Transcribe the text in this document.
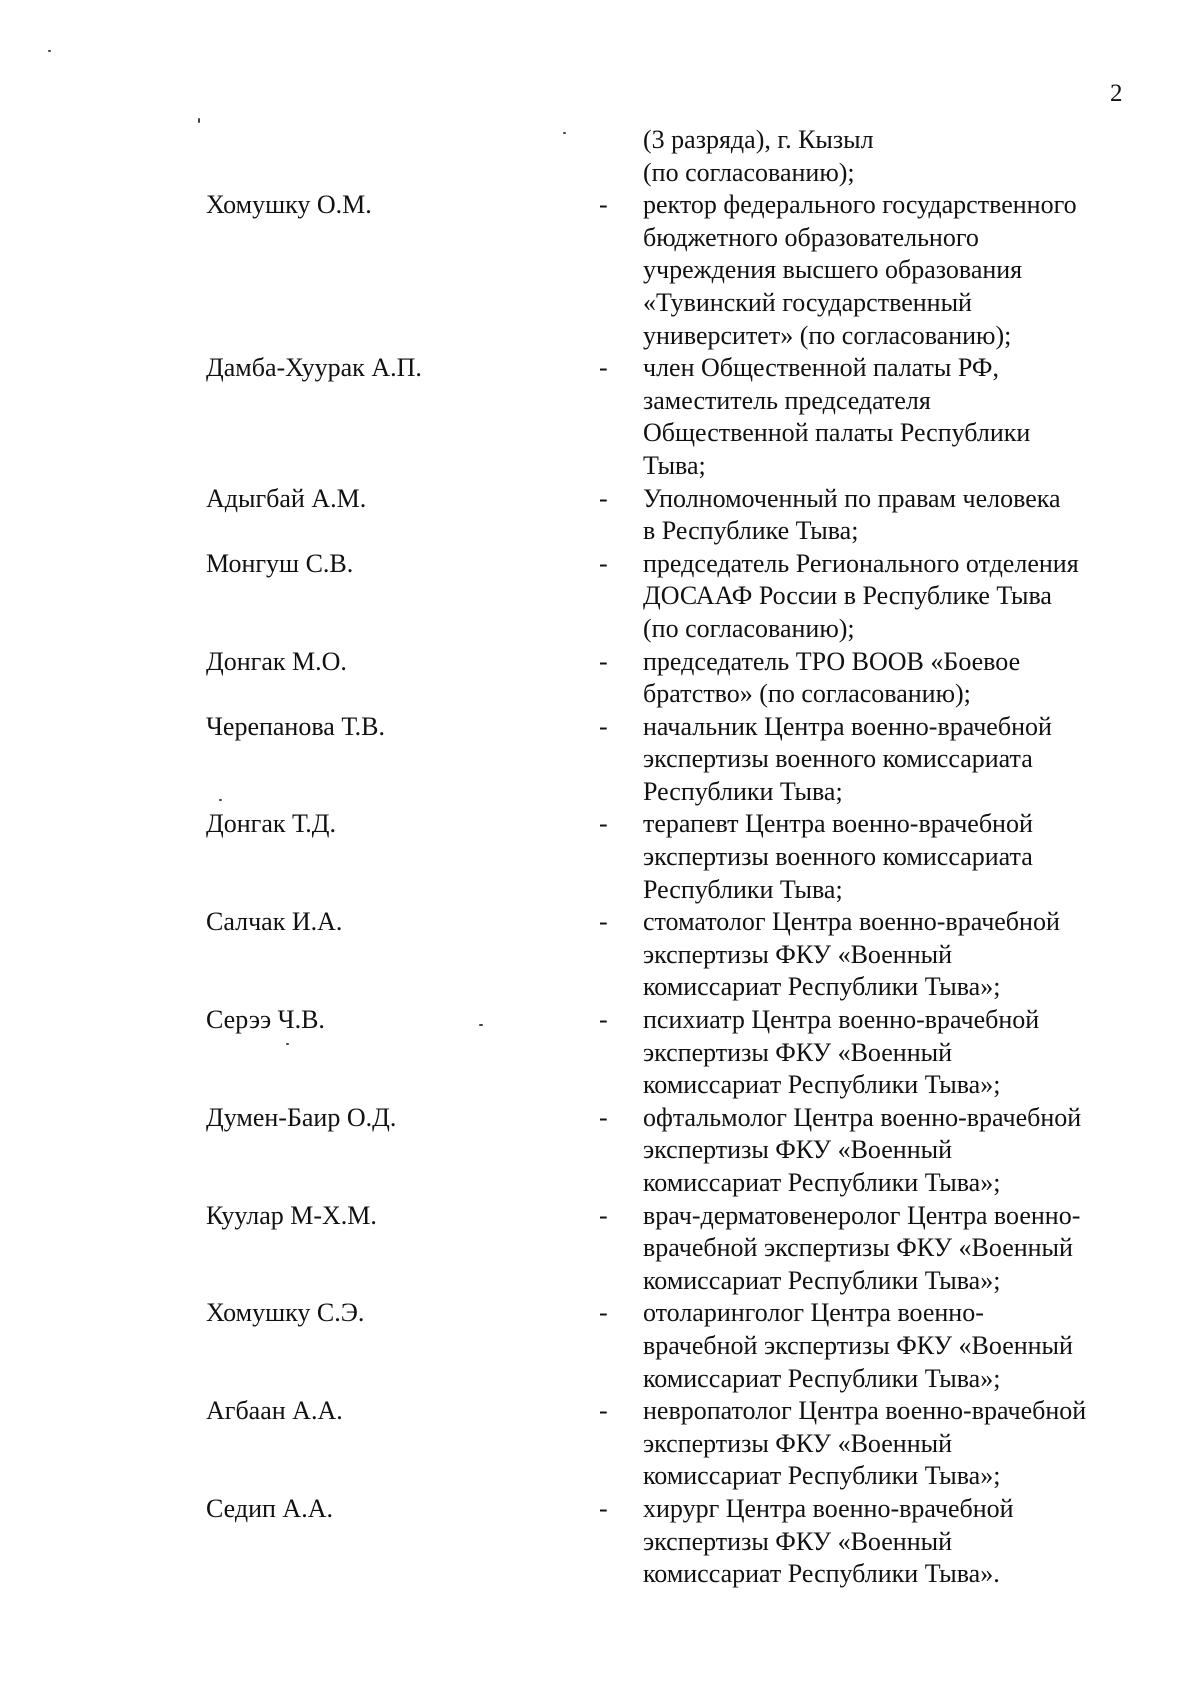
2
(3 разряда), г. Кызыл
(по согласованию);
Хомушку О.М.	- ректор федерального государственного
бюджетного образовательного
учреждения высшего образования
«Тувинский государственный
университет» (по согласованию);
Дамба-Хуурак А.П.	- член Общественной палаты РФ,
заместитель председателя
Общественной палаты Республики
Тыва;
Адыгбай А.М.	- Уполномоченный по правам человека
в Республике Тыва;
Монгуш С.В.	- председатель Регионального отделения
ДОСААФ России в Республике Тыва
(по согласованию);
Донгак М.О.	- председатель ТРО ВООВ «Боевое
братство» (по согласованию);
Черепанова Т.В.	- начальник Центра военно-врачебной
экспертизы военного комиссариата
Республики Тыва;
Донгак Т.Д.	- терапевт Центра военно-врачебной
экспертизы военного комиссариата
Республики Тыва;
Салчак И.А.	- стоматолог Центра военно-врачебной
экспертизы ФКУ «Военный
комиссариат Республики Тыва»;
Серээ Ч.В.	- психиатр Центра военно-врачебной
экспертизы ФКУ «Военный
комиссариат Республики Тыва»;
Думен-Баир О.Д.	- офтальмолог Центра военно-врачебной
экспертизы ФКУ «Военный
комиссариат Республики Тыва»;
Куулар М-Х.М.	- врач-дерматовенеролог Центра военно-
врачебной экспертизы ФКУ «Военный
комиссариат Республики Тыва»;
Хомушку С.Э.	- отоларинголог Центра военно-
врачебной экспертизы ФКУ «Военный
комиссариат Республики Тыва»;
Агбаан А.А.	- невропатолог Центра военно-врачебной
экспертизы ФКУ «Военный
комиссариат Республики Тыва»;
Седип А.А.	- хирург Центра военно-врачебной
экспертизы ФКУ «Военный
комиссариат Республики Тыва».
